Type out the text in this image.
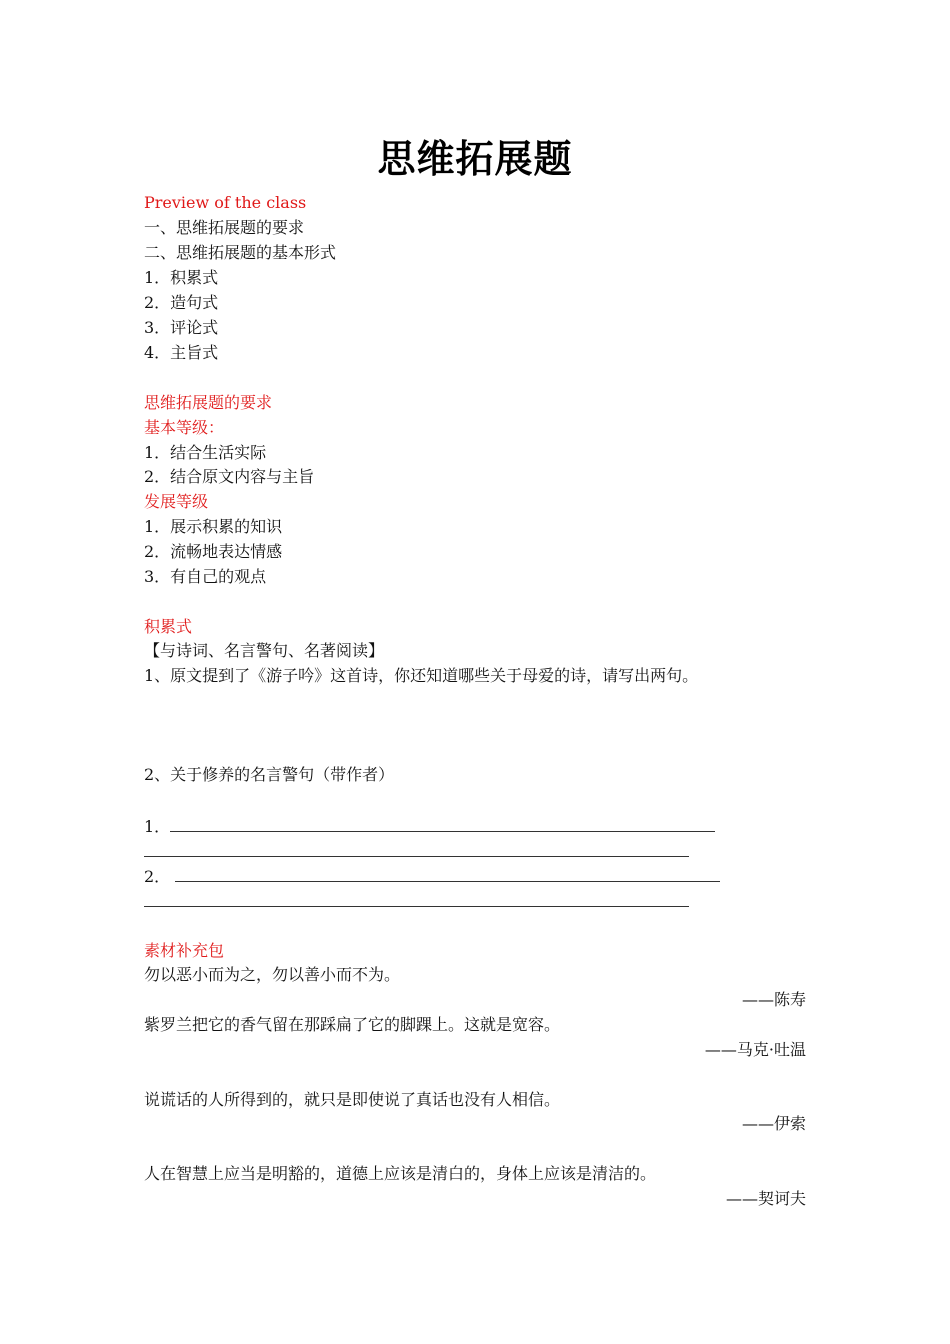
思维拓展题
Preview of the class
一、思维拓展题的要求
二、思维拓展题的基本形式
1．积累式
2．造句式
3．评论式
4．主旨式
思维拓展题的要求
基本等级：
1．结合生活实际
2．结合原文内容与主旨
发展等级
1．展示积累的知识
2．流畅地表达情感
3．有自己的观点
积累式
【与诗词、名言警句、名著阅读】
1、原文提到了《游子吟》这首诗，你还知道哪些关于母爱的诗，请写出两句。
2、关于修养的名言警句（带作者）
1．
2．
素材补充包
勿以恶小而为之，勿以善小而不为。
——陈寿
紫罗兰把它的香气留在那踩扁了它的脚踝上。这就是宽容。
——马克·吐温
说谎话的人所得到的，就只是即使说了真话也没有人相信。
——伊索
人在智慧上应当是明豁的，道德上应该是清白的，身体上应该是清洁的。
——契诃夫
